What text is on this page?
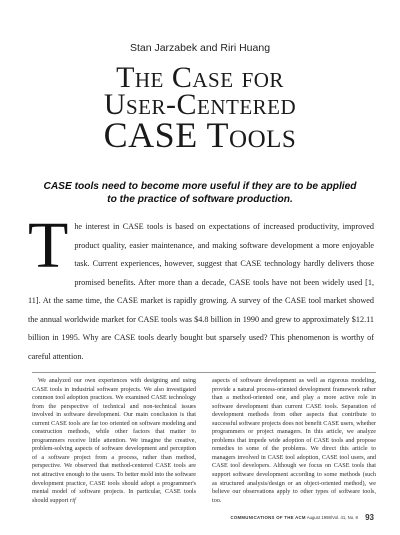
Stan Jarzabek and Riri Huang
The Case for
User-Centered
CASE Tools
CASE tools need to become more useful if they are to be applied to the practice of software production.
The interest in CASE tools is based on expectations of increased productivity, improved product quality, easier maintenance, and making software development a more enjoyable task. Current experiences, however, suggest that CASE technology hardly delivers those promised benefits. After more than a decade, CASE tools have not been widely used [1, 11]. At the same time, the CASE market is rapidly growing. A survey of the CASE tool market showed the annual worldwide market for CASE tools was $4.8 billion in 1990 and grew to approximately $12.11 billion in 1995. Why are CASE tools dearly bought but sparsely used? This phenomenon is worthy of careful attention.

We analyzed our own experiences with designing and using CASE tools in industrial software projects. We also investigated common tool adoption practices. We examined CASE technology from the perspective of technical and non-technical issues involved in software development. Our main conclusion is that current CASE tools are far too oriented on software modeling and construction methods, while other factors that matter to programmers receive little attention. We imagine the creative, problem-solving aspects of software development and perception of a software project from a process, rather than method, perspective. We observed that method-centered CASE tools are not attractive enough to the users. To better mold into the software development practice, CASE tools should adopt a programmer's mental model of software projects. In particular, CASE tools should support rif

aspects of software development as well as rigorous modeling, provide a natural process-oriented development framework rather than a method-oriented one, and play a more active role in software development than current CASE tools. Separation of development methods from other aspects that contribute to successful software projects does not benefit CASE users, whether programmers or project managers. In this article, we analyze problems that impede wide adoption of CASE tools and propose remedies to some of the problems. We direct this article to managers involved in CASE tool adoption, CASE tool users, and CASE tool developers. Although we focus on CASE tools that support software development according to some methods (such as structured analysis/design or an object-oriented method), we believe our observations apply to other types of software tools, too.

COMMUNICATIONS OF THE ACM August 1998/Vol. 41, No. 8 93
